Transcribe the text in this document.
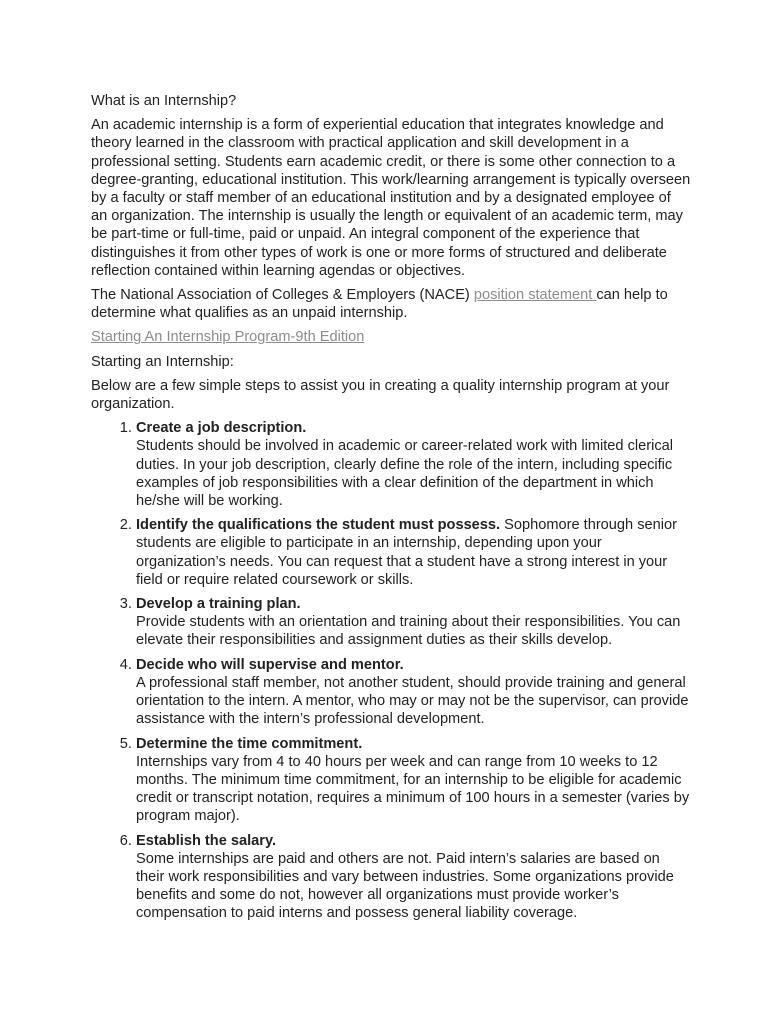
What is an Internship?

An academic internship is a form of experiential education that integrates knowledge and theory learned in the classroom with practical application and skill development in a professional setting. Students earn academic credit, or there is some other connection to a degree-granting, educational institution. This work/learning arrangement is typically overseen by a faculty or staff member of an educational institution and by a designated employee of an organization. The internship is usually the length or equivalent of an academic term, may be part-time or full-time, paid or unpaid. An integral component of the experience that distinguishes it from other types of work is one or more forms of structured and deliberate reflection contained within learning agendas or objectives.

The National Association of Colleges & Employers (NACE) position statement can help to determine what qualifies as an unpaid internship.

Starting An Internship Program-9th Edition

Starting an Internship:

Below are a few simple steps to assist you in creating a quality internship program at your organization.

1. Create a job description.
Students should be involved in academic or career-related work with limited clerical duties. In your job description, clearly define the role of the intern, including specific examples of job responsibilities with a clear definition of the department in which he/she will be working.
2. Identify the qualifications the student must possess. Sophomore through senior students are eligible to participate in an internship, depending upon your organization’s needs. You can request that a student have a strong interest in your field or require related coursework or skills.
3. Develop a training plan.
Provide students with an orientation and training about their responsibilities. You can elevate their responsibilities and assignment duties as their skills develop.
4. Decide who will supervise and mentor.
A professional staff member, not another student, should provide training and general orientation to the intern. A mentor, who may or may not be the supervisor, can provide assistance with the intern’s professional development.
5. Determine the time commitment.
Internships vary from 4 to 40 hours per week and can range from 10 weeks to 12 months. The minimum time commitment, for an internship to be eligible for academic credit or transcript notation, requires a minimum of 100 hours in a semester (varies by program major).
6. Establish the salary.
Some internships are paid and others are not. Paid intern’s salaries are based on their work responsibilities and vary between industries. Some organizations provide benefits and some do not, however all organizations must provide worker’s compensation to paid interns and possess general liability coverage.
